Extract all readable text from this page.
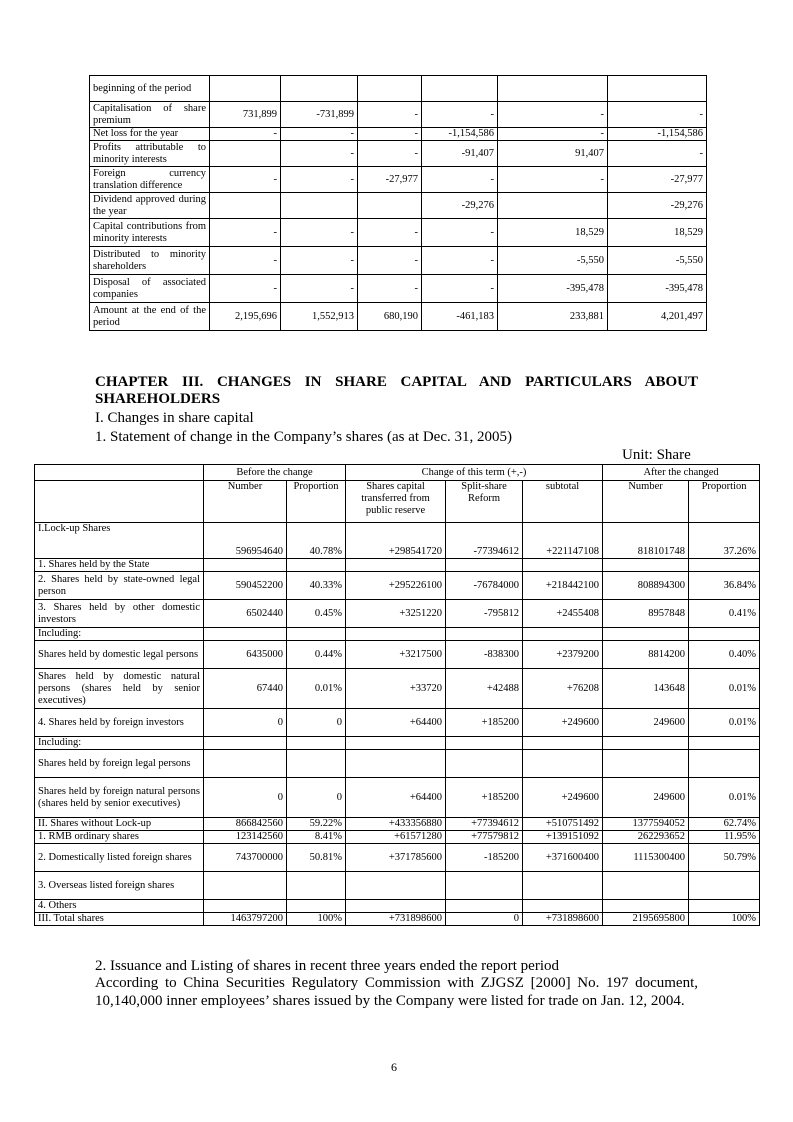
beginning of the period						
Capitalisation of share premium	731,899	-731,899	-	-	-	-
Net loss for the year	-	-	-	-1,154,586	-	-1,154,586
Profits attributable to minority interests		-	-	-91,407	91,407	-
Foreign currency translation difference	-	-	-27,977	-	-	-27,977
Dividend approved during the year				-29,276		-29,276
Capital contributions from minority interests	-	-	-	-	18,529	18,529
Distributed to minority shareholders	-	-	-	-	-5,550	-5,550
Disposal of associated companies	-	-	-	-	-395,478	-395,478
Amount at the end of the period	2,195,696	1,552,913	680,190	-461,183	233,881	4,201,497
CHAPTER III. CHANGES IN SHARE CAPITAL AND PARTICULARS ABOUT SHAREHOLDERS
I. Changes in share capital
1. Statement of change in the Company’s shares (as at Dec. 31, 2005)
Unit: Share
	Before the change		Change of this term (+,-)			After the changed	
	Number	Proportion	Shares capital transferred from public reserve	Split-share Reform	subtotal	Number	Proportion
I.Lock-up Shares	596954640	40.78%	+298541720	-77394612	+221147108	818101748	37.26%
1. Shares held by the State							
2. Shares held by state-owned legal person	590452200	40.33%	+295226100	-76784000	+218442100	808894300	36.84%
3. Shares held by other domestic investors	6502440	0.45%	+3251220	-795812	+2455408	8957848	0.41%
Including:							
Shares held by domestic legal persons	6435000	0.44%	+3217500	-838300	+2379200	8814200	0.40%
Shares held by domestic natural persons (shares held by senior executives)	67440	0.01%	+33720	+42488	+76208	143648	0.01%
4. Shares held by foreign investors	0	0	+64400	+185200	+249600	249600	0.01%
Including:							
Shares held by foreign legal persons							
Shares held by foreign natural persons (shares held by senior executives)	0	0	+64400	+185200	+249600	249600	0.01%
II. Shares without Lock-up	866842560	59.22%	+433356880	+77394612	+510751492	1377594052	62.74%
1. RMB ordinary shares	123142560	8.41%	+61571280	+77579812	+139151092	262293652	11.95%
2. Domestically listed foreign shares	743700000	50.81%	+371785600	-185200	+371600400	1115300400	50.79%
3. Overseas listed foreign shares							
4. Others							
III. Total shares	1463797200	100%	+731898600	0	+731898600	2195695800	100%
2. Issuance and Listing of shares in recent three years ended the report period
According to China Securities Regulatory Commission with ZJGSZ [2000] No. 197 document, 10,140,000 inner employees’ shares issued by the Company were listed for trade on Jan. 12, 2004.
6
